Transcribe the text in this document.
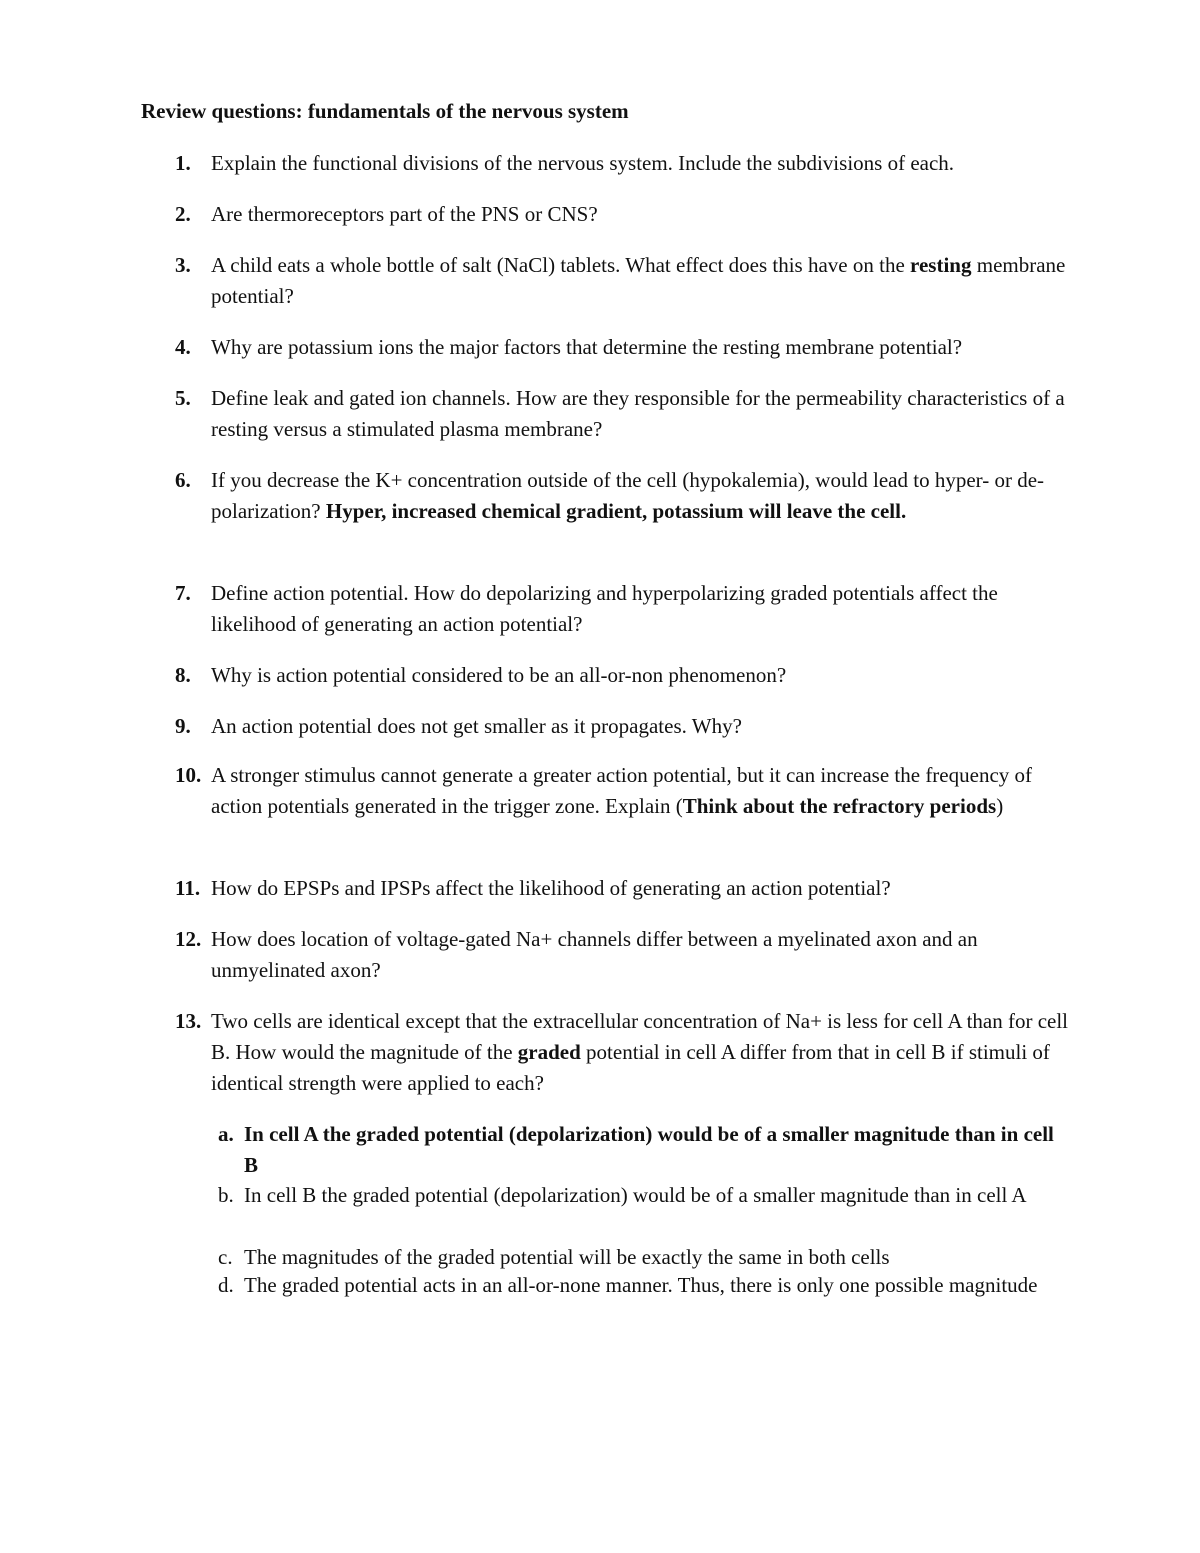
Review questions: fundamentals of the nervous system
1. Explain the functional divisions of the nervous system. Include the subdivisions of each.
2. Are thermoreceptors part of the PNS or CNS?
3. A child eats a whole bottle of salt (NaCl) tablets. What effect does this have on the resting membrane potential?
4. Why are potassium ions the major factors that determine the resting membrane potential?
5. Define leak and gated ion channels. How are they responsible for the permeability characteristics of a resting versus a stimulated plasma membrane?
6. If you decrease the K+ concentration outside of the cell (hypokalemia), would lead to hyper- or de- polarization? Hyper, increased chemical gradient, potassium will leave the cell.
7. Define action potential. How do depolarizing and hyperpolarizing graded potentials affect the likelihood of generating an action potential?
8. Why is action potential considered to be an all-or-non phenomenon?
9. An action potential does not get smaller as it propagates. Why?
10. A stronger stimulus cannot generate a greater action potential, but it can increase the frequency of action potentials generated in the trigger zone. Explain (Think about the refractory periods)
11. How do EPSPs and IPSPs affect the likelihood of generating an action potential?
12. How does location of voltage-gated Na+ channels differ between a myelinated axon and an unmyelinated axon?
13. Two cells are identical except that the extracellular concentration of Na+ is less for cell A than for cell B. How would the magnitude of the graded potential in cell A differ from that in cell B if stimuli of identical strength were applied to each?
a. In cell A the graded potential (depolarization) would be of a smaller magnitude than in cell B
b. In cell B the graded potential (depolarization) would be of a smaller magnitude than in cell A
c. The magnitudes of the graded potential will be exactly the same in both cells
d. The graded potential acts in an all-or-none manner. Thus, there is only one possible magnitude
